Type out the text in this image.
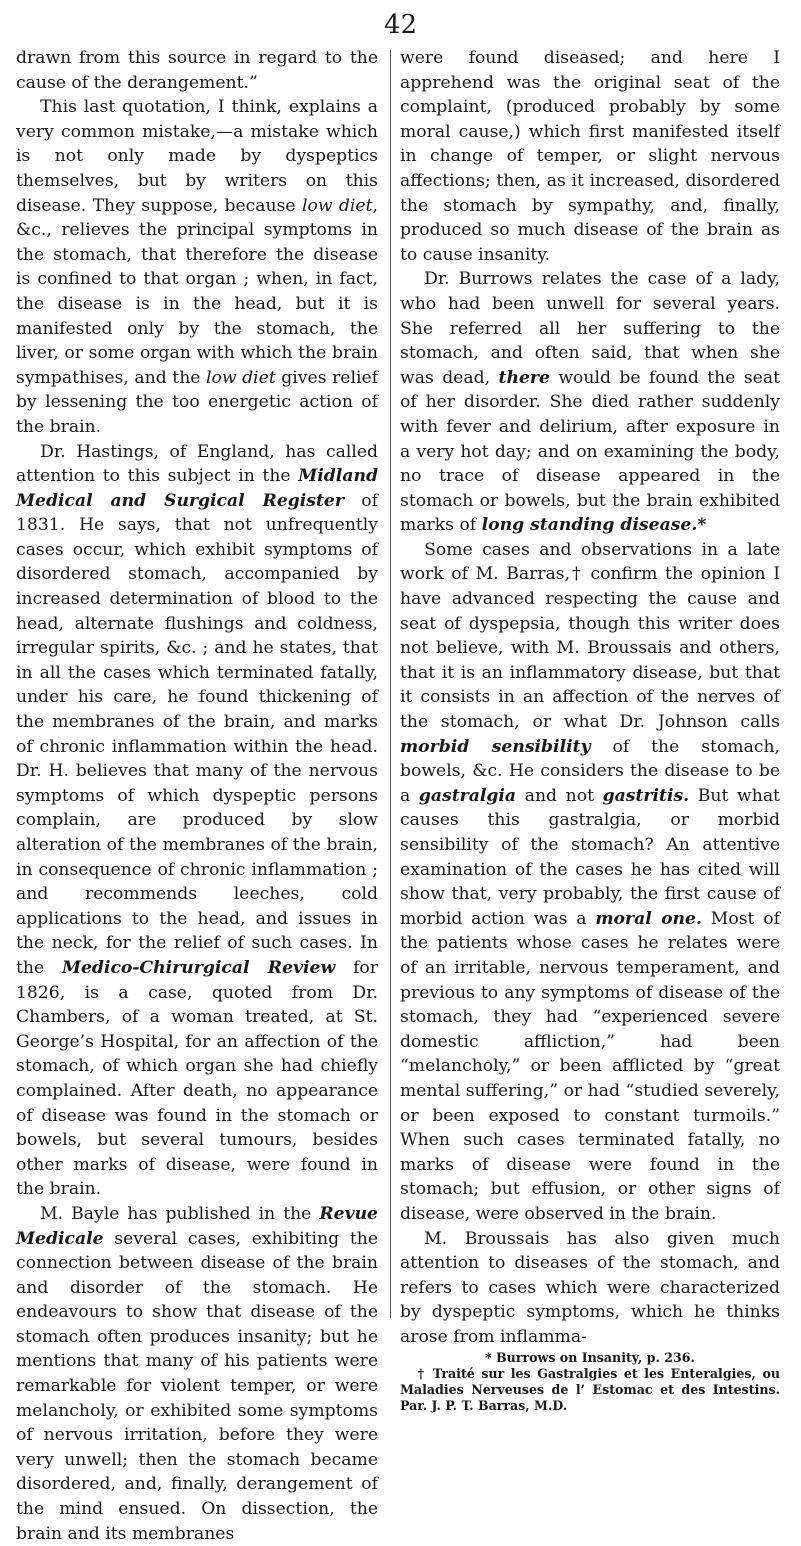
42

drawn from this source in regard to the cause of the derangement.”

This last quotation, I think, explains a very common mistake,—a mistake which is not only made by dyspeptics themselves, but by writers on this disease. They suppose, because low diet, &c., relieves the principal symptoms in the stomach, that therefore the disease is confined to that organ ; when, in fact, the disease is in the head, but it is manifested only by the stomach, the liver, or some organ with which the brain sympathises, and the low diet gives relief by lessening the too energetic action of the brain.

Dr. Hastings, of England, has called attention to this subject in the Midland Medical and Surgical Register of 1831. He says, that not unfrequently cases occur, which exhibit symptoms of disordered stomach, accompanied by increased determination of blood to the head, alternate flushings and coldness, irregular spirits, &c. ; and he states, that in all the cases which terminated fatally, under his care, he found thickening of the membranes of the brain, and marks of chronic inflammation within the head. Dr. H. believes that many of the nervous symptoms of which dyspeptic persons complain, are produced by slow alteration of the membranes of the brain, in consequence of chronic inflammation ; and recommends leeches, cold applications to the head, and issues in the neck, for the relief of such cases. In the Medico-Chirurgical Review for 1826, is a case, quoted from Dr. Chambers, of a woman treated, at St. George’s Hospital, for an affection of the stomach, of which organ she had chiefly complained. After death, no appearance of disease was found in the stomach or bowels, but several tumours, besides other marks of disease, were found in the brain.

M. Bayle has published in the Revue Medicale several cases, exhibiting the connection between disease of the brain and disorder of the stomach. He endeavours to show that disease of the stomach often produces insanity; but he mentions that many of his patients were remarkable for violent temper, or were melancholy, or exhibited some symptoms of nervous irritation, before they were very unwell; then the stomach became disordered, and, finally, derangement of the mind ensued. On dissection, the brain and its membranes

were found diseased; and here I apprehend was the original seat of the complaint, (produced probably by some moral cause,) which first manifested itself in change of temper, or slight nervous affections; then, as it increased, disordered the stomach by sympathy, and, finally, produced so much disease of the brain as to cause insanity.

Dr. Burrows relates the case of a lady, who had been unwell for several years. She referred all her suffering to the stomach, and often said, that when she was dead, there would be found the seat of her disorder. She died rather suddenly with fever and delirium, after exposure in a very hot day; and on examining the body, no trace of disease appeared in the stomach or bowels, but the brain exhibited marks of long standing disease.*

Some cases and observations in a late work of M. Barras,† confirm the opinion I have advanced respecting the cause and seat of dyspepsia, though this writer does not believe, with M. Broussais and others, that it is an inflammatory disease, but that it consists in an affection of the nerves of the stomach, or what Dr. Johnson calls morbid sensibility of the stomach, bowels, &c. He considers the disease to be a gastralgia and not gastritis. But what causes this gastralgia, or morbid sensibility of the stomach? An attentive examination of the cases he has cited will show that, very probably, the first cause of morbid action was a moral one. Most of the patients whose cases he relates were of an irritable, nervous temperament, and previous to any symptoms of disease of the stomach, they had “experienced severe domestic affliction,” had been “melancholy,” or been afflicted by “great mental suffering,” or had “studied severely, or been exposed to constant turmoils.” When such cases terminated fatally, no marks of disease were found in the stomach; but effusion, or other signs of disease, were observed in the brain.

M. Broussais has also given much attention to diseases of the stomach, and refers to cases which were characterized by dyspeptic symptoms, which he thinks arose from inflamma-

* Burrows on Insanity, p. 236.
† Traité sur les Gastralgies et les Enteralgies, ou Maladies Nerveuses de l’ Estomac et des Intestins. Par. J. P. T. Barras, M.D.
